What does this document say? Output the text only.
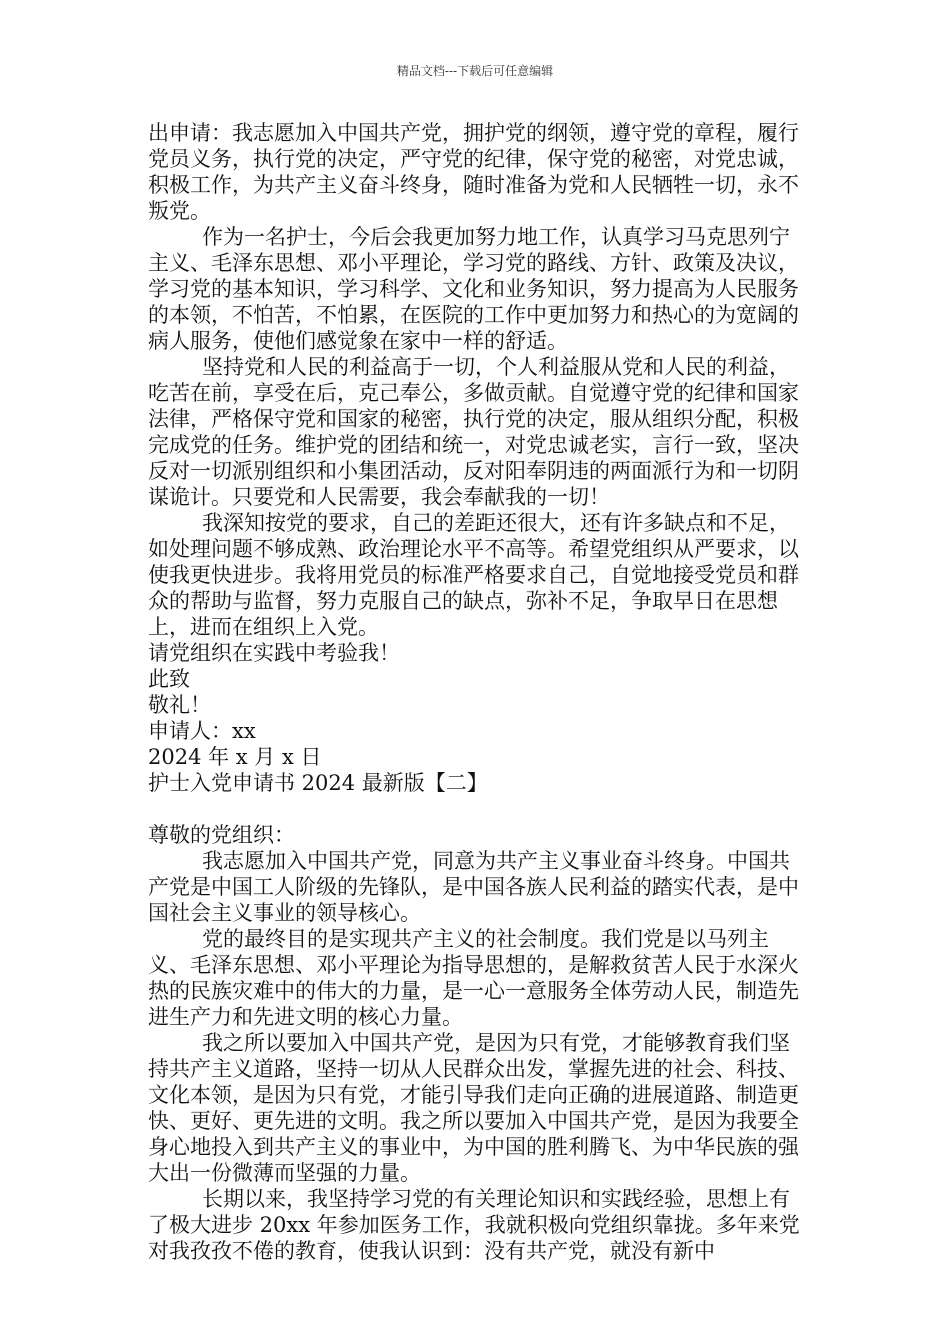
精品文档---下载后可任意编辑

出申请：我志愿加入中国共产党，拥护党的纲领，遵守党的章程，履行党员义务，执行党的决定，严守党的纪律，保守党的秘密，对党忠诚，积极工作，为共产主义奋斗终身，随时准备为党和人民牺牲一切，永不叛党。

作为一名护士，今后会我更加努力地工作，认真学习马克思列宁主义、毛泽东思想、邓小平理论，学习党的路线、方针、政策及决议，学习党的基本知识，学习科学、文化和业务知识，努力提高为人民服务的本领，不怕苦，不怕累，在医院的工作中更加努力和热心的为宽阔的病人服务，使他们感觉象在家中一样的舒适。

坚持党和人民的利益高于一切，个人利益服从党和人民的利益，吃苦在前，享受在后，克己奉公，多做贡献。自觉遵守党的纪律和国家法律，严格保守党和国家的秘密，执行党的决定，服从组织分配，积极完成党的任务。维护党的团结和统一，对党忠诚老实，言行一致，坚决反对一切派别组织和小集团活动，反对阳奉阴违的两面派行为和一切阴谋诡计。只要党和人民需要，我会奉献我的一切！

我深知按党的要求，自己的差距还很大，还有许多缺点和不足，如处理问题不够成熟、政治理论水平不高等。希望党组织从严要求，以使我更快进步。我将用党员的标准严格要求自己，自觉地接受党员和群众的帮助与监督，努力克服自己的缺点，弥补不足，争取早日在思想上，进而在组织上入党。

请党组织在实践中考验我！

此致

敬礼！

申请人：xx

2024 年 x 月 x 日

护士入党申请书 2024 最新版【二】

尊敬的党组织：

我志愿加入中国共产党，同意为共产主义事业奋斗终身。中国共产党是中国工人阶级的先锋队，是中国各族人民利益的踏实代表，是中国社会主义事业的领导核心。

党的最终目的是实现共产主义的社会制度。我们党是以马列主义、毛泽东思想、邓小平理论为指导思想的，是解救贫苦人民于水深火热的民族灾难中的伟大的力量，是一心一意服务全体劳动人民，制造先进生产力和先进文明的核心力量。

我之所以要加入中国共产党，是因为只有党，才能够教育我们坚持共产主义道路，坚持一切从人民群众出发，掌握先进的社会、科技、文化本领，是因为只有党，才能引导我们走向正确的进展道路、制造更快、更好、更先进的文明。我之所以要加入中国共产党，是因为我要全身心地投入到共产主义的事业中，为中国的胜利腾飞、为中华民族的强大出一份微薄而坚强的力量。

长期以来，我坚持学习党的有关理论知识和实践经验，思想上有了极大进步 20xx 年参加医务工作，我就积极向党组织靠拢。多年来党对我孜孜不倦的教育，使我认识到：没有共产党，就没有新中
